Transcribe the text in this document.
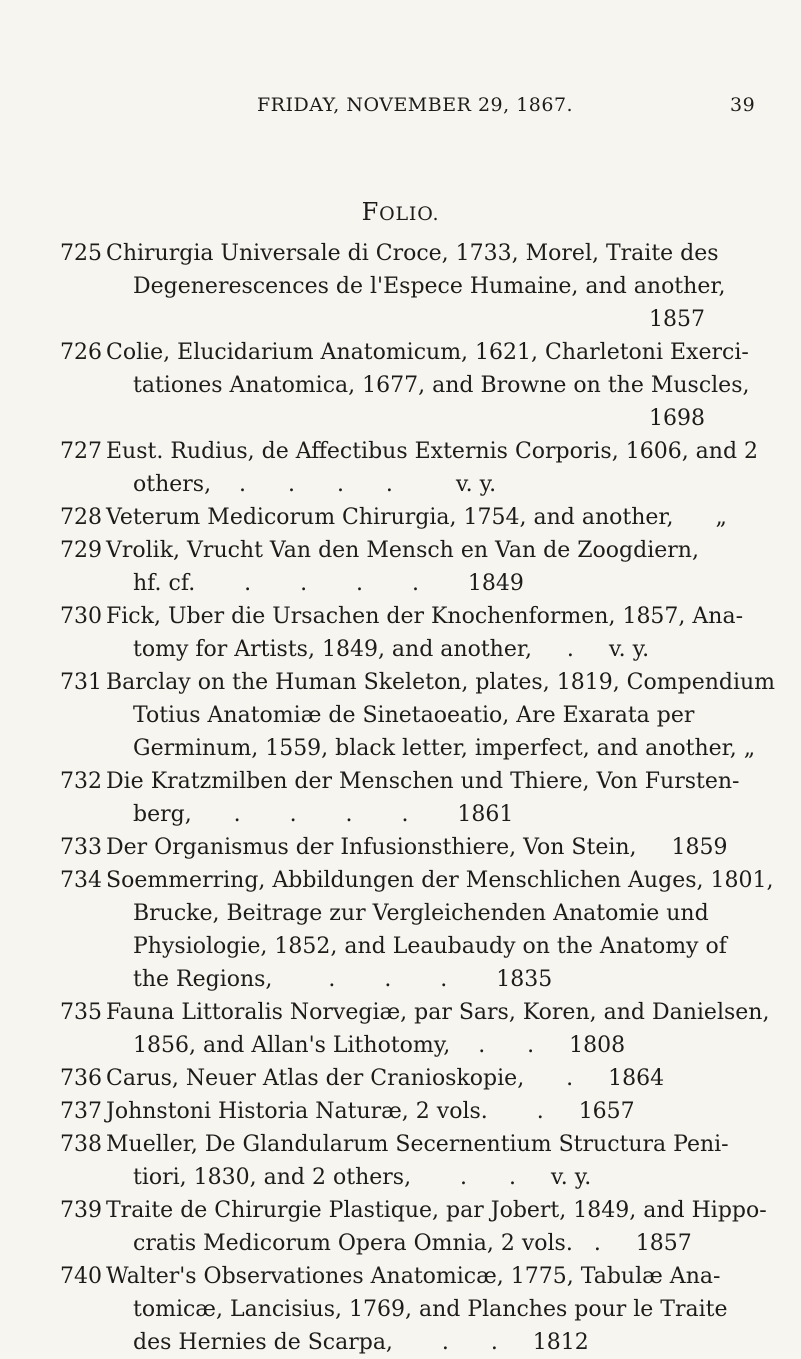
FRIDAY, NOVEMBER 29, 1867.	39
FOLIO.
725 Chirurgia Universale di Croce, 1733, Morel, Traite des
Degenerescences de l'Espece Humaine, and another,
1857
726 Colie, Elucidarium Anatomicum, 1621, Charletoni Exerci-
tationes Anatomica, 1677, and Browne on the Muscles,
1698
727 Eust. Rudius, de Affectibus Externis Corporis, 1606, and 2
others,    .      .      .      .         v. y.
728 Veterum Medicorum Chirurgia, 1754, and another,      „
729 Vrolik, Vrucht Van den Mensch en Van de Zoogdiern,
hf. cf.       .       .       .       .       1849
730 Fick, Uber die Ursachen der Knochenformen, 1857, Ana-
tomy for Artists, 1849, and another,     .     v. y.
731 Barclay on the Human Skeleton, plates, 1819, Compendium
Totius Anatomiæ de Sinetaoeatio, Are Exarata per
Germinum, 1559, black letter, imperfect, and another, „
732 Die Kratzmilben der Menschen und Thiere, Von Fursten-
berg,      .       .       .       .       1861
733 Der Organismus der Infusionsthiere, Von Stein,     1859
734 Soemmerring, Abbildungen der Menschlichen Auges, 1801,
Brucke, Beitrage zur Vergleichenden Anatomie und
Physiologie, 1852, and Leaubaudy on the Anatomy of
the Regions,        .       .       .       1835
735 Fauna Littoralis Norvegiæ, par Sars, Koren, and Danielsen,
1856, and Allan's Lithotomy,    .      .     1808
736 Carus, Neuer Atlas der Cranioskopie,      .     1864
737 Johnstoni Historia Naturæ, 2 vols.       .     1657
738 Mueller, De Glandularum Secernentium Structura Peni-
tiori, 1830, and 2 others,       .      .     v. y.
739 Traite de Chirurgie Plastique, par Jobert, 1849, and Hippo-
cratis Medicorum Opera Omnia, 2 vols.   .     1857
740 Walter's Observationes Anatomicæ, 1775, Tabulæ Ana-
tomicæ, Lancisius, 1769, and Planches pour le Traite
des Hernies de Scarpa,       .      .     1812
